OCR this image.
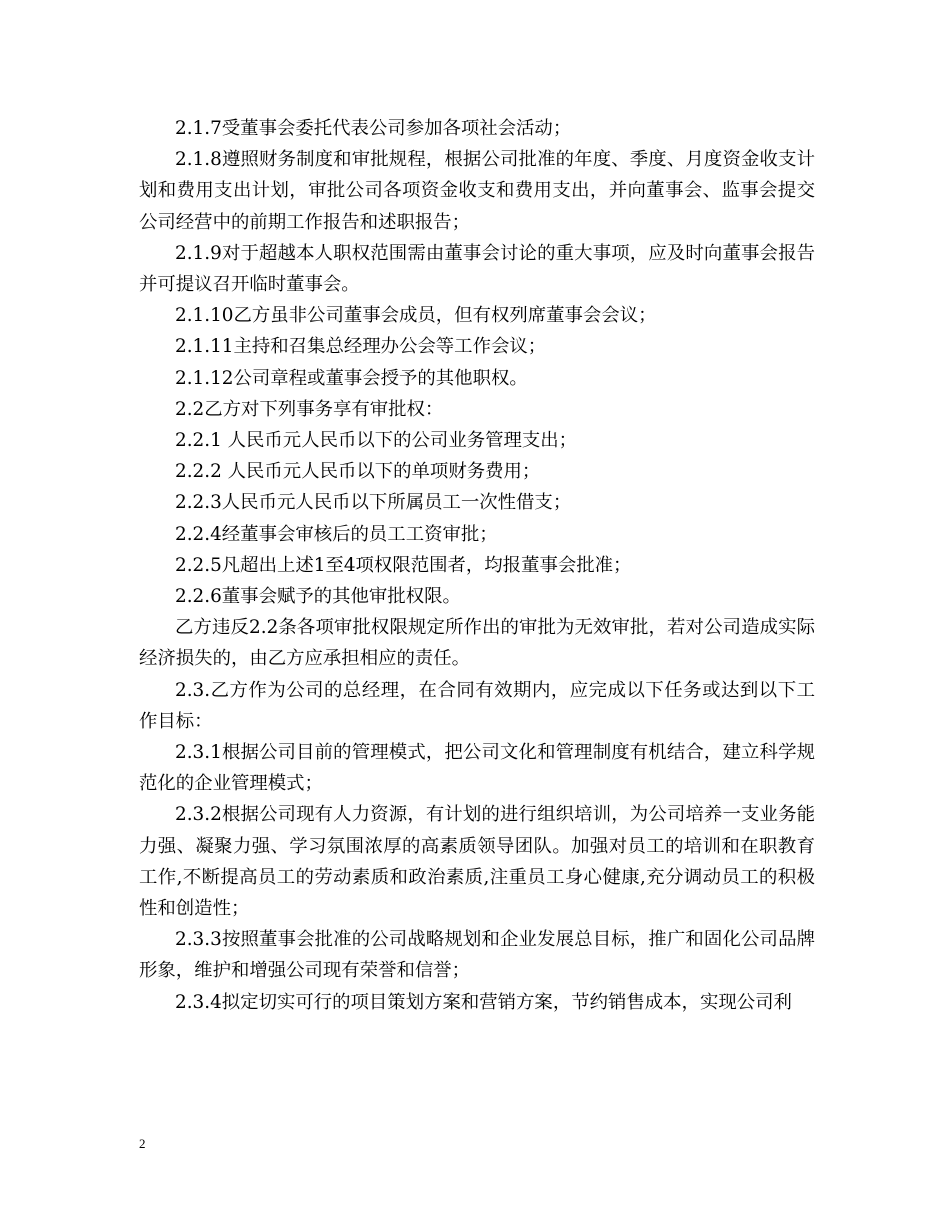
2.1.7受董事会委托代表公司参加各项社会活动；

2.1.8遵照财务制度和审批规程，根据公司批准的年度、季度、月度资金收支计划和费用支出计划，审批公司各项资金收支和费用支出，并向董事会、监事会提交公司经营中的前期工作报告和述职报告；

2.1.9对于超越本人职权范围需由董事会讨论的重大事项，应及时向董事会报告并可提议召开临时董事会。

2.1.10乙方虽非公司董事会成员，但有权列席董事会会议；

2.1.11主持和召集总经理办公会等工作会议；

2.1.12公司章程或董事会授予的其他职权。

2.2乙方对下列事务享有审批权：

2.2.1 人民币元人民币以下的公司业务管理支出；

2.2.2 人民币元人民币以下的单项财务费用；

2.2.3人民币元人民币以下所属员工一次性借支；

2.2.4经董事会审核后的员工工资审批；

2.2.5凡超出上述1至4项权限范围者，均报董事会批准；

2.2.6董事会赋予的其他审批权限。

乙方违反2.2条各项审批权限规定所作出的审批为无效审批，若对公司造成实际经济损失的，由乙方应承担相应的责任。

2.3.乙方作为公司的总经理，在合同有效期内，应完成以下任务或达到以下工作目标：

2.3.1根据公司目前的管理模式，把公司文化和管理制度有机结合，建立科学规范化的企业管理模式；

2.3.2根据公司现有人力资源，有计划的进行组织培训，为公司培养一支业务能力强、凝聚力强、学习氛围浓厚的高素质领导团队。加强对员工的培训和在职教育工作,不断提高员工的劳动素质和政治素质,注重员工身心健康,充分调动员工的积极性和创造性；

2.3.3按照董事会批准的公司战略规划和企业发展总目标，推广和固化公司品牌形象，维护和增强公司现有荣誉和信誉；

2.3.4拟定切实可行的项目策划方案和营销方案，节约销售成本，实现公司利

2
